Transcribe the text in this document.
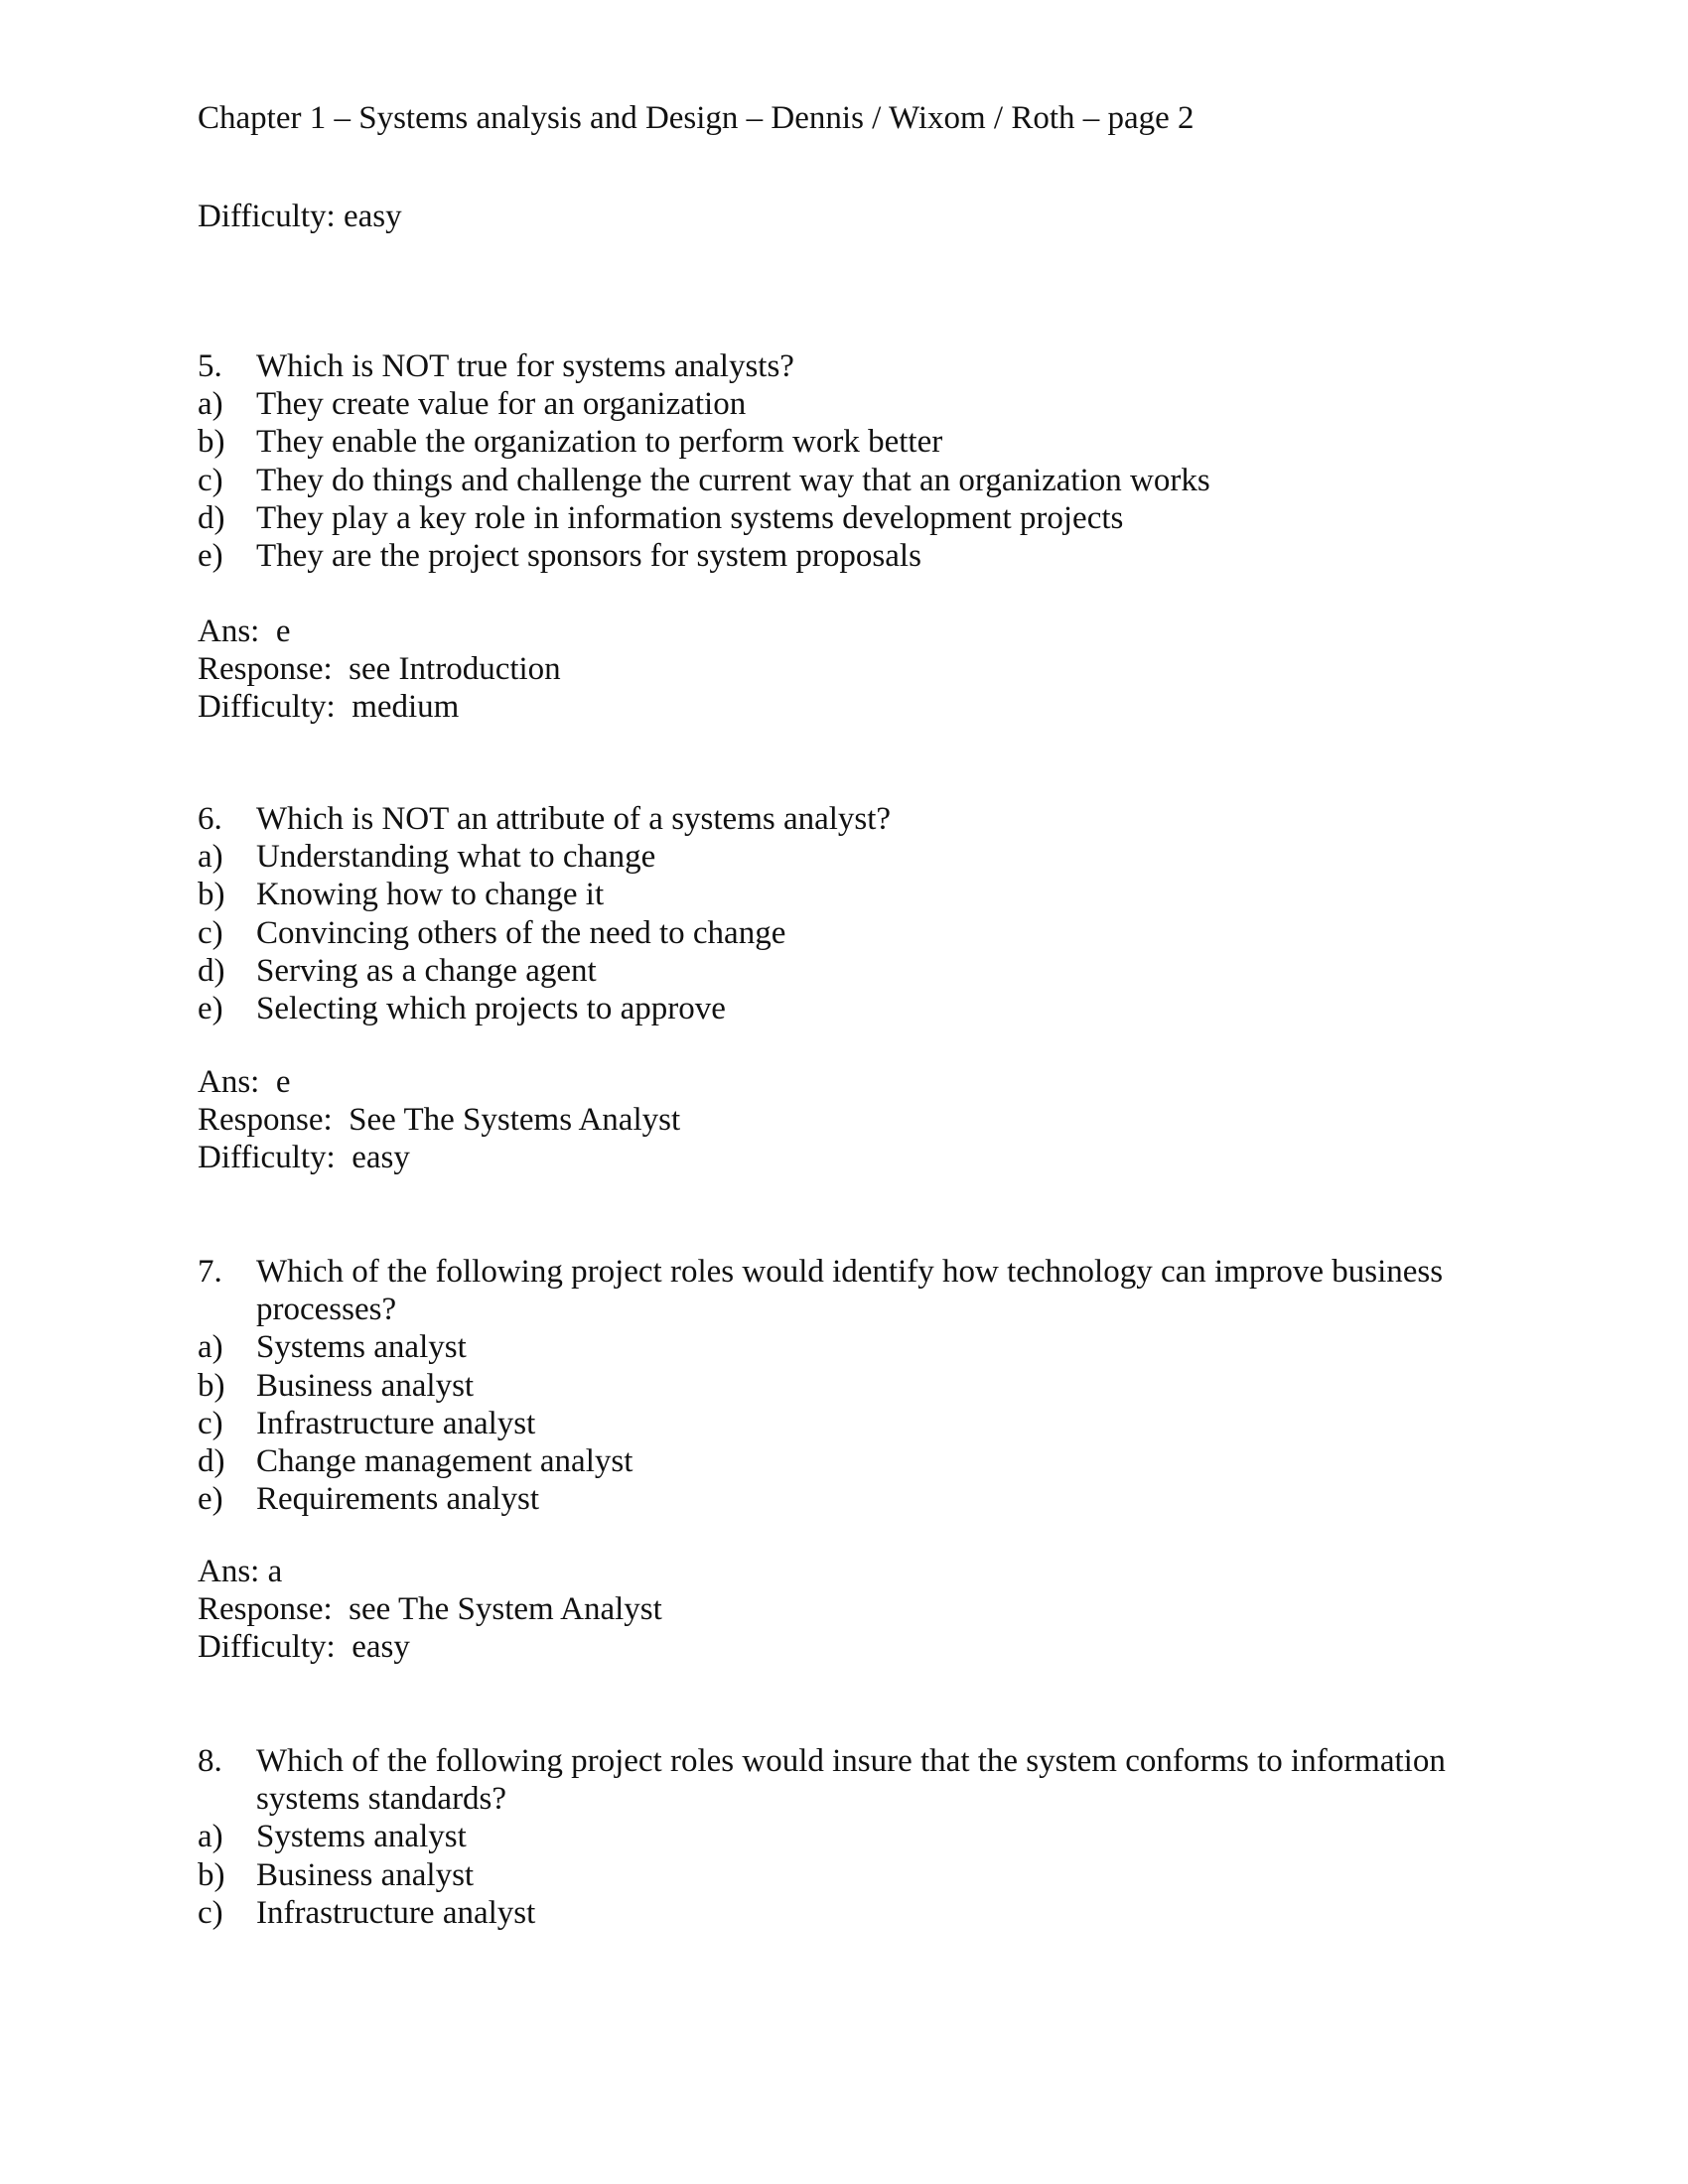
Chapter 1 – Systems analysis and Design – Dennis / Wixom / Roth – page 2
Difficulty: easy
5.	Which is NOT true for systems analysts?
a)	They create value for an organization
b) They enable the organization to perform work better
c)	They do things and challenge the current way that an organization works
d) They play a key role in information systems development projects
e)	They are the project sponsors for system proposals
Ans:  e
Response:  see Introduction
Difficulty:  medium
6.	Which is NOT an attribute of a systems analyst?
a)	Understanding what to change
b) Knowing how to change it
c)	Convincing others of the need to change
d) Serving as a change agent
e)	Selecting which projects to approve
Ans:  e
Response:  See The Systems Analyst
Difficulty:  easy
7.	Which of the following project roles would identify how technology can improve business processes?
a)	Systems analyst
b) Business analyst
c)	Infrastructure analyst
d) Change management analyst
e)	Requirements analyst
Ans: a
Response:  see The System Analyst
Difficulty:  easy
8.	Which of the following project roles would insure that the system conforms to information systems standards?
a)	Systems analyst
b) Business analyst
c)	Infrastructure analyst
